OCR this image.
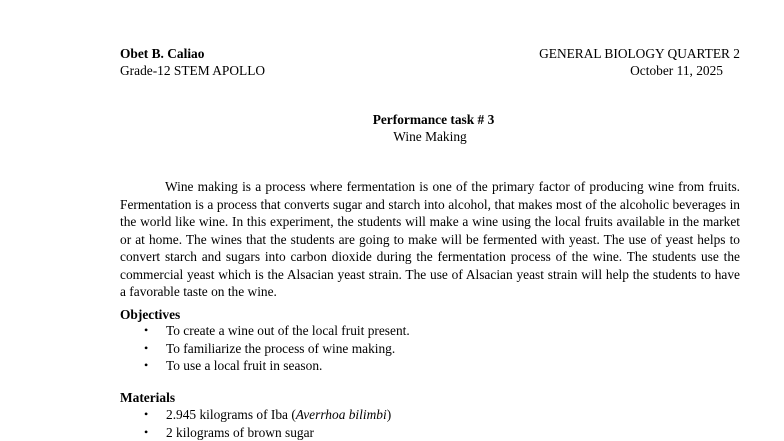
Obet B. Caliao	GENERAL BIOLOGY QUARTER 2
Grade-12 STEM APOLLO	October 11, 2025
Performance task # 3
Wine Making

Wine making is a process where fermentation is one of the primary factor of producing wine from fruits. Fermentation is a process that converts sugar and starch into alcohol, that makes most of the alcoholic beverages in the world like wine. In this experiment, the students will make a wine using the local fruits available in the market or at home. The wines that the students are going to make will be fermented with yeast. The use of yeast helps to convert starch and sugars into carbon dioxide during the fermentation process of the wine. The students use the commercial yeast which is the Alsacian yeast strain. The use of Alsacian yeast strain will help the students to have a favorable taste on the wine.

Objectives
• To create a wine out of the local fruit present.
• To familiarize the process of wine making.
• To use a local fruit in season.
Materials
• 2.945 kilograms of Iba (Averrhoa bilimbi)
• 2 kilograms of brown sugar
